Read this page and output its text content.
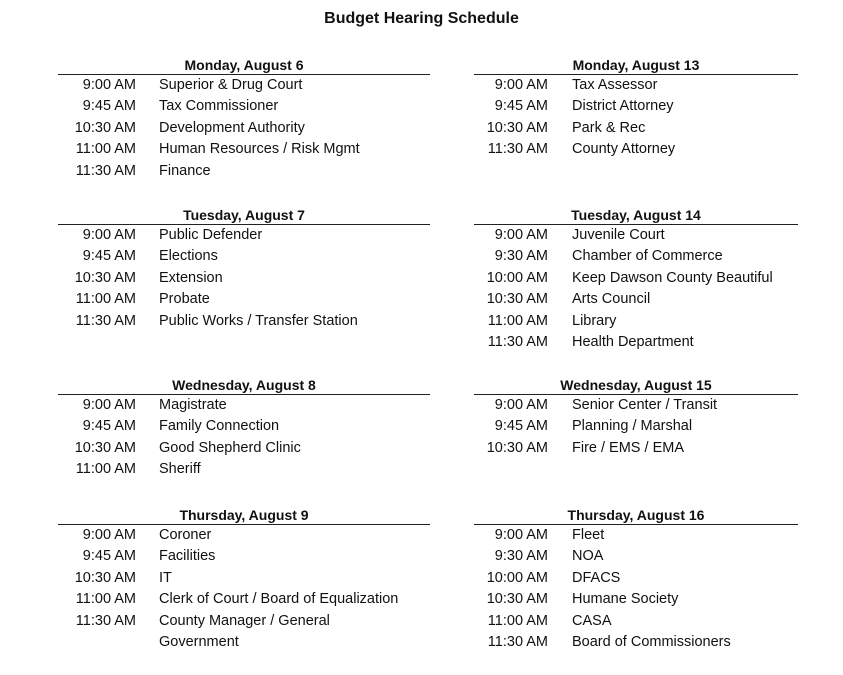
Budget Hearing Schedule
Monday, August 6
9:00 AM	Superior & Drug Court
9:45 AM	Tax Commissioner
10:30 AM	Development Authority
11:00 AM	Human Resources / Risk Mgmt
11:30 AM	Finance
Tuesday, August 7
9:00 AM	Public Defender
9:45 AM	Elections
10:30 AM	Extension
11:00 AM	Probate
11:30 AM	Public Works / Transfer Station
Wednesday, August 8
9:00 AM	Magistrate
9:45 AM	Family Connection
10:30 AM	Good Shepherd Clinic
11:00 AM	Sheriff
Thursday, August 9
9:00 AM	Coroner
9:45 AM	Facilities
10:30 AM	IT
11:00 AM	Clerk of Court / Board of Equalization
11:30 AM	County Manager / General
Government
Monday, August 13
9:00 AM	Tax Assessor
9:45 AM	District Attorney
10:30 AM	Park & Rec
11:30 AM	County Attorney
Tuesday, August 14
9:00 AM	Juvenile Court
9:30 AM	Chamber of Commerce
10:00 AM	Keep Dawson County Beautiful
10:30 AM	Arts Council
11:00 AM	Library
11:30 AM	Health Department
Wednesday, August 15
9:00 AM	Senior Center / Transit
9:45 AM	Planning / Marshal
10:30 AM	Fire / EMS / EMA
Thursday, August 16
9:00 AM	Fleet
9:30 AM	NOA
10:00 AM	DFACS
10:30 AM	Humane Society
11:00 AM	CASA
11:30 AM	Board of Commissioners
